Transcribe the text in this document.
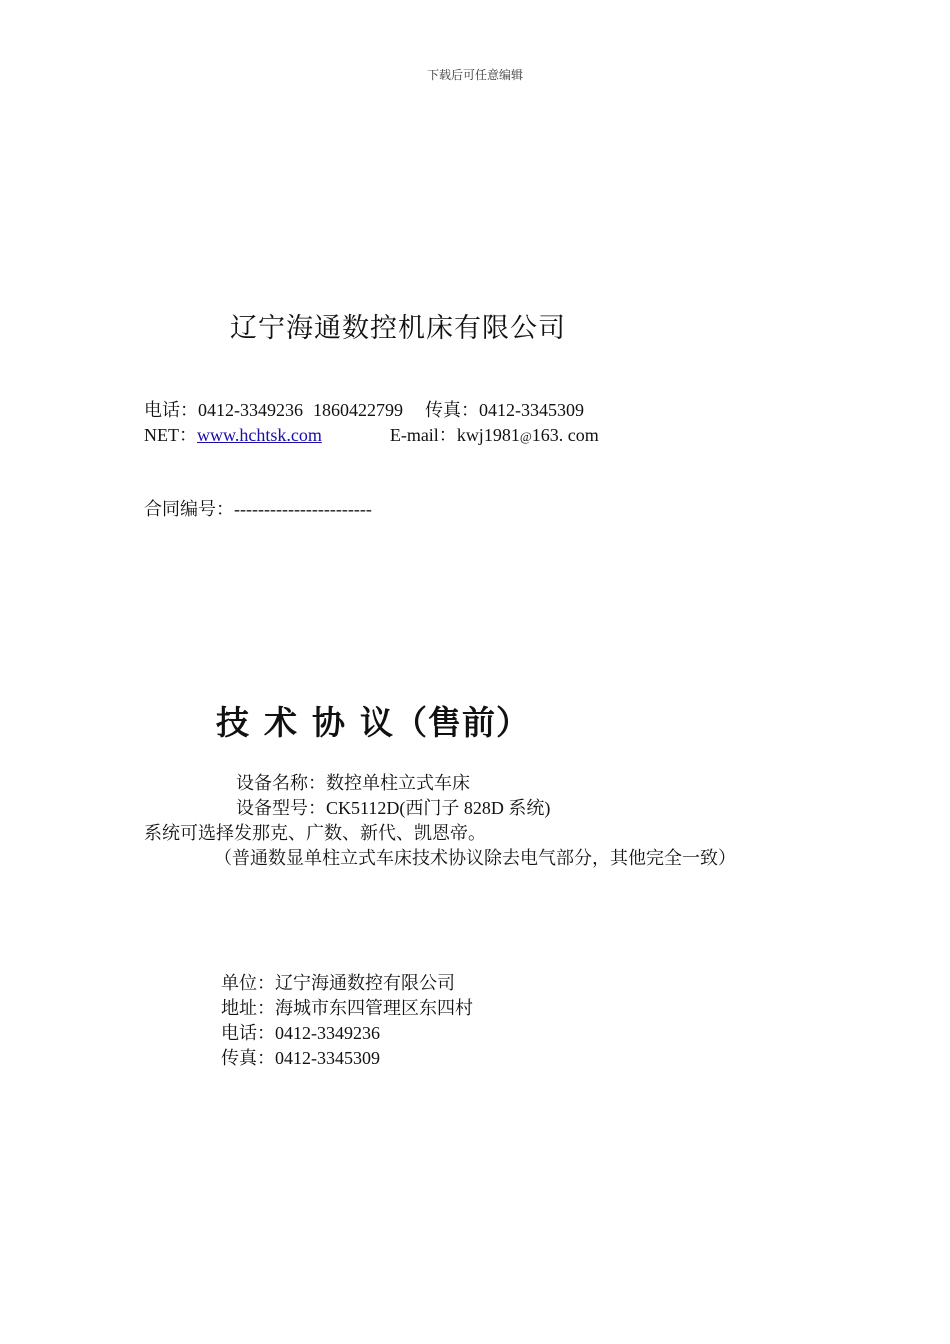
下载后可任意编辑
辽宁海通数控机床有限公司
电话：0412-3349236 1860422799 传真：0412-3345309
NET：www.hchtsk.com	E-mail：kwj1981@163. com
合同编号：-----------------------
技 术 协 议（售前）
设备名称：数控单柱立式车床
设备型号：CK5112D(西门子 828D 系统)
系统可选择发那克、广数、新代、凯恩帝。
（普通数显单柱立式车床技术协议除去电气部分，其他完全一致）
单位：辽宁海通数控有限公司
地址：海城市东四管理区东四村
电话：0412-3349236
传真：0412-3345309
